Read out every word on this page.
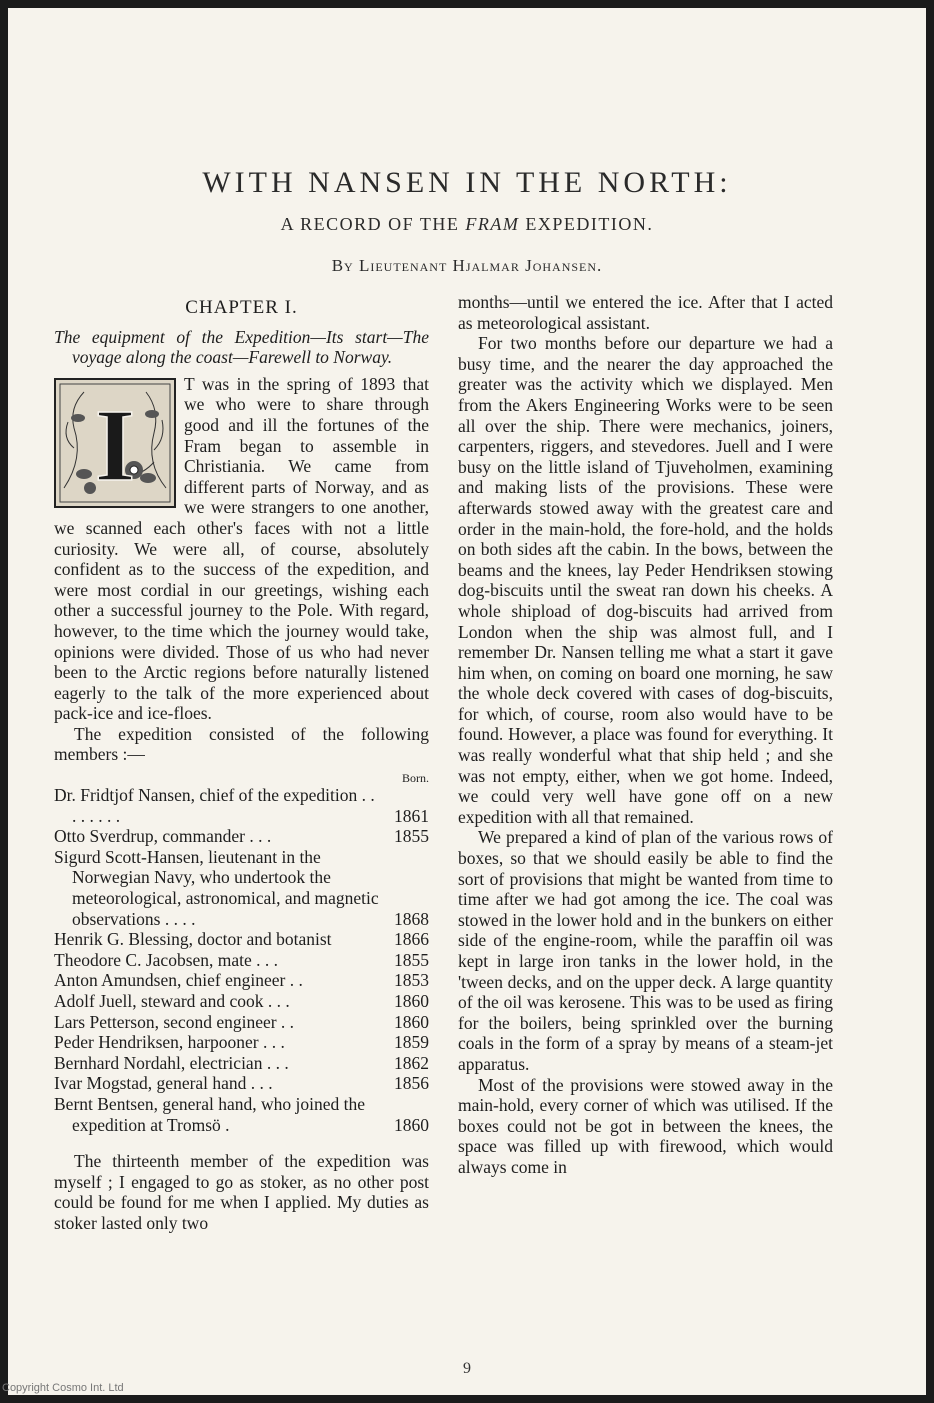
WITH NANSEN IN THE NORTH:
A RECORD OF THE FRAM EXPEDITION.
By Lieutenant Hjalmar Johansen.
CHAPTER I.

The equipment of the Expedition—Its start—The voyage along the coast—Farewell to Norway.

I

T was in the spring of 1893 that we who were to share through good and ill the fortunes of the Fram began to assemble in Christiania. We came from different parts of Norway, and as we were strangers to one another, we scanned each other's faces with not a little curiosity. We were all, of course, absolutely confident as to the success of the expedition, and were most cordial in our greetings, wishing each other a successful journey to the Pole. With regard, however, to the time which the journey would take, opinions were divided. Those of us who had never been to the Arctic regions before naturally listened eagerly to the talk of the more experienced about pack-ice and ice-floes.

The expedition consisted of the following members :—

Born.
Dr. Fridtjof Nansen, chief of the expedition . . . . . . . .	1861
Otto Sverdrup, commander . . .	1855
Sigurd Scott-Hansen, lieutenant in the Norwegian Navy, who undertook the meteorological, astronomical, and magnetic observations . . . .	1868
Henrik G. Blessing, doctor and botanist	1866
Theodore C. Jacobsen, mate . . .	1855
Anton Amundsen, chief engineer . .	1853
Adolf Juell, steward and cook . . .	1860
Lars Petterson, second engineer . .	1860
Peder Hendriksen, harpooner . . .	1859
Bernhard Nordahl, electrician . . .	1862
Ivar Mogstad, general hand . . .	1856
Bernt Bentsen, general hand, who joined the expedition at Tromsö .	1860

The thirteenth member of the expedition was myself ; I engaged to go as stoker, as no other post could be found for me when I applied. My duties as stoker lasted only two

months—until we entered the ice. After that I acted as meteorological assistant.

For two months before our departure we had a busy time, and the nearer the day approached the greater was the activity which we displayed. Men from the Akers Engineering Works were to be seen all over the ship. There were mechanics, joiners, carpenters, riggers, and stevedores. Juell and I were busy on the little island of Tjuveholmen, examining and making lists of the provisions. These were afterwards stowed away with the greatest care and order in the main-hold, the fore-hold, and the holds on both sides aft the cabin. In the bows, between the beams and the knees, lay Peder Hendriksen stowing dog-biscuits until the sweat ran down his cheeks. A whole shipload of dog-biscuits had arrived from London when the ship was almost full, and I remember Dr. Nansen telling me what a start it gave him when, on coming on board one morning, he saw the whole deck covered with cases of dog-biscuits, for which, of course, room also would have to be found. However, a place was found for everything. It was really wonderful what that ship held ; and she was not empty, either, when we got home. Indeed, we could very well have gone off on a new expedition with all that remained.

We prepared a kind of plan of the various rows of boxes, so that we should easily be able to find the sort of provisions that might be wanted from time to time after we had got among the ice. The coal was stowed in the lower hold and in the bunkers on either side of the engine-room, while the paraffin oil was kept in large iron tanks in the lower hold, in the 'tween decks, and on the upper deck. A large quantity of the oil was kerosene. This was to be used as firing for the boilers, being sprinkled over the burning coals in the form of a spray by means of a steam-jet apparatus.

Most of the provisions were stowed away in the main-hold, every corner of which was utilised. If the boxes could not be got in between the knees, the space was filled up with firewood, which would always come in

9
Copyright Cosmo Int. Ltd
